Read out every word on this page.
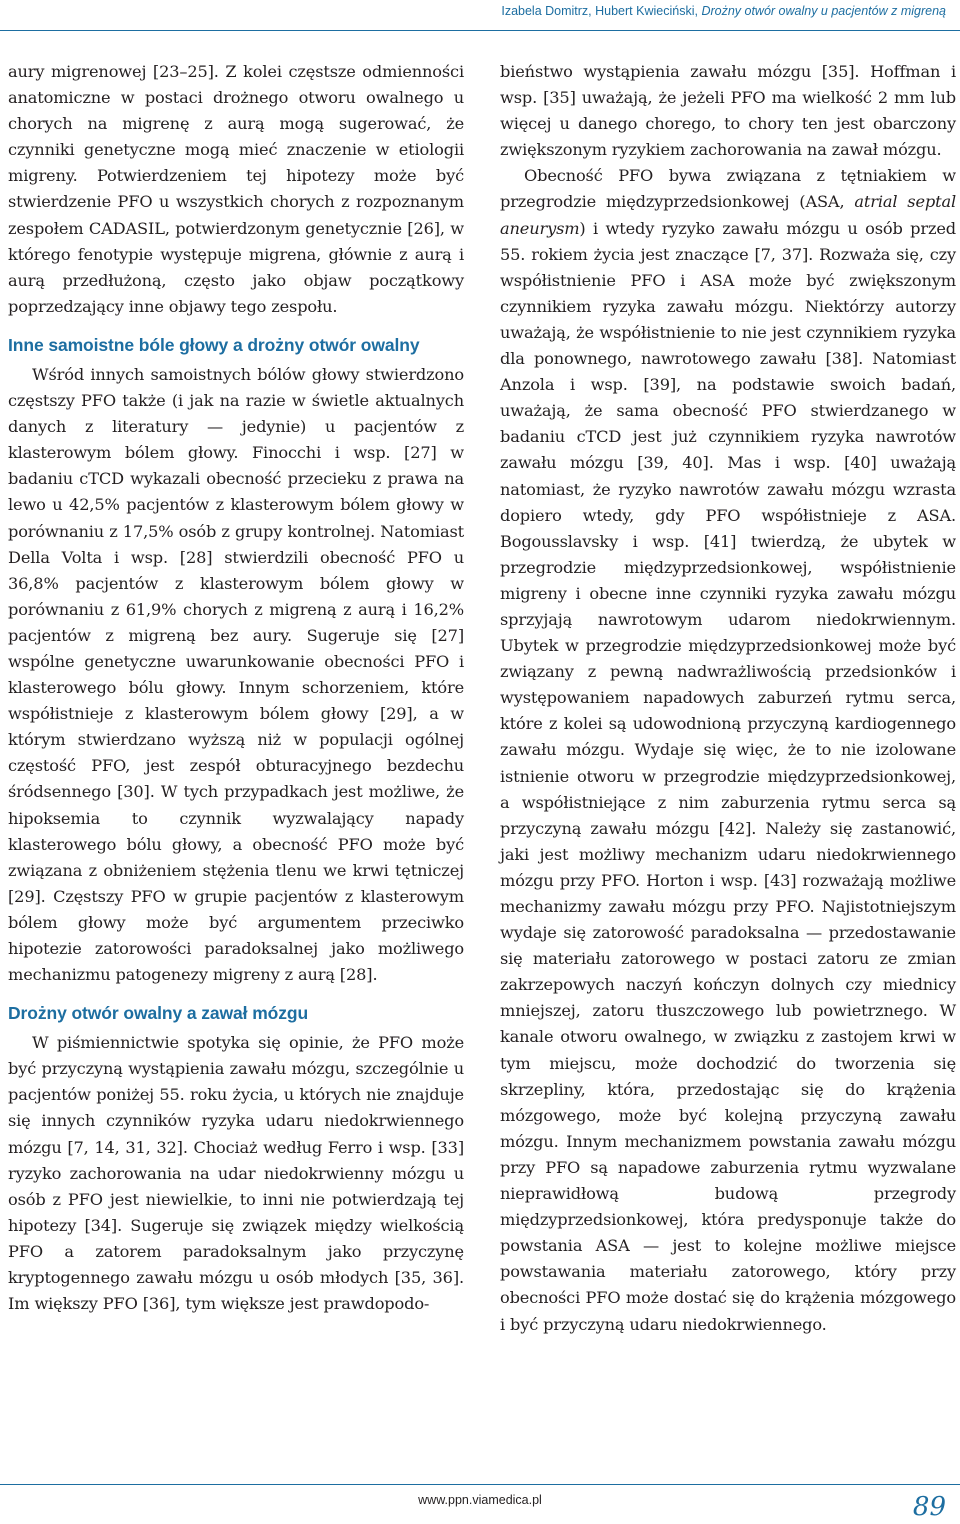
Izabela Domitrz, Hubert Kwieciński, Drożny otwór owalny u pacjentów z migreną

aury migrenowej [23–25]. Z kolei częstsze odmienności anatomiczne w postaci drożnego otworu owalnego u chorych na migrenę z aurą mogą sugerować, że czynniki genetyczne mogą mieć znaczenie w etiologii migreny. Potwierdzeniem tej hipotezy może być stwierdzenie PFO u wszystkich chorych z rozpoznanym zespołem CADASIL, potwierdzonym genetycznie [26], w którego fenotypie występuje migrena, głównie z aurą i aurą przedłużoną, często jako objaw początkowy poprzedzający inne objawy tego zespołu.

Inne samoistne bóle głowy a drożny otwór owalny

Wśród innych samoistnych bólów głowy stwierdzono częstszy PFO także (i jak na razie w świetle aktualnych danych z literatury — jedynie) u pacjentów z klasterowym bólem głowy. Finocchi i wsp. [27] w badaniu cTCD wykazali obecność przecieku z prawa na lewo u 42,5% pacjentów z klasterowym bólem głowy w porównaniu z 17,5% osób z grupy kontrolnej. Natomiast Della Volta i wsp. [28] stwierdzili obecność PFO u 36,8% pacjentów z klasterowym bólem głowy w porównaniu z 61,9% chorych z migreną z aurą i 16,2% pacjentów z migreną bez aury. Sugeruje się [27] wspólne genetyczne uwarunkowanie obecności PFO i klasterowego bólu głowy. Innym schorzeniem, które współistnieje z klasterowym bólem głowy [29], a w którym stwierdzano wyższą niż w populacji ogólnej częstość PFO, jest zespół obturacyjnego bezdechu śródsennego [30]. W tych przypadkach jest możliwe, że hipoksemia to czynnik wyzwalający napady klasterowego bólu głowy, a obecność PFO może być związana z obniżeniem stężenia tlenu we krwi tętniczej [29]. Częstszy PFO w grupie pacjentów z klasterowym bólem głowy może być argumentem przeciwko hipotezie zatorowości paradoksalnej jako możliwego mechanizmu patogenezy migreny z aurą [28].

Drożny otwór owalny a zawał mózgu

W piśmiennictwie spotyka się opinie, że PFO może być przyczyną wystąpienia zawału mózgu, szczególnie u pacjentów poniżej 55. roku życia, u których nie znajduje się innych czynników ryzyka udaru niedokrwiennego mózgu [7, 14, 31, 32]. Chociaż według Ferro i wsp. [33] ryzyko zachorowania na udar niedokrwienny mózgu u osób z PFO jest niewielkie, to inni nie potwierdzają tej hipotezy [34]. Sugeruje się związek między wielkością PFO a zatorem paradoksalnym jako przyczynę kryptogennego zawału mózgu u osób młodych [35, 36]. Im większy PFO [36], tym większe jest prawdopodo-

bieństwo wystąpienia zawału mózgu [35]. Hoffman i wsp. [35] uważają, że jeżeli PFO ma wielkość 2 mm lub więcej u danego chorego, to chory ten jest obarczony zwiększonym ryzykiem zachorowania na zawał mózgu.

Obecność PFO bywa związana z tętniakiem w przegrodzie międzyprzedsionkowej (ASA, atrial septal aneurysm) i wtedy ryzyko zawału mózgu u osób przed 55. rokiem życia jest znaczące [7, 37]. Rozważa się, czy współistnienie PFO i ASA może być zwiększonym czynnikiem ryzyka zawału mózgu. Niektórzy autorzy uważają, że współistnienie to nie jest czynnikiem ryzyka dla ponownego, nawrotowego zawału [38]. Natomiast Anzola i wsp. [39], na podstawie swoich badań, uważają, że sama obecność PFO stwierdzanego w badaniu cTCD jest już czynnikiem ryzyka nawrotów zawału mózgu [39, 40]. Mas i wsp. [40] uważają natomiast, że ryzyko nawrotów zawału mózgu wzrasta dopiero wtedy, gdy PFO współistnieje z ASA. Bogousslavsky i wsp. [41] twierdzą, że ubytek w przegrodzie międzyprzedsionkowej, współistnienie migreny i obecne inne czynniki ryzyka zawału mózgu sprzyjają nawrotowym udarom niedokrwiennym. Ubytek w przegrodzie międzyprzedsionkowej może być związany z pewną nadwrażliwością przedsionków i występowaniem napadowych zaburzeń rytmu serca, które z kolei są udowodnioną przyczyną kardiogennego zawału mózgu. Wydaje się więc, że to nie izolowane istnienie otworu w przegrodzie międzyprzedsionkowej, a współistniejące z nim zaburzenia rytmu serca są przyczyną zawału mózgu [42]. Należy się zastanowić, jaki jest możliwy mechanizm udaru niedokrwiennego mózgu przy PFO. Horton i wsp. [43] rozważają możliwe mechanizmy zawału mózgu przy PFO. Najistotniejszym wydaje się zatorowość paradoksalna — przedostawanie się materiału zatorowego w postaci zatoru ze zmian zakrzepowych naczyń kończyn dolnych czy miednicy mniejszej, zatoru tłuszczowego lub powietrznego. W kanale otworu owalnego, w związku z zastojem krwi w tym miejscu, może dochodzić do tworzenia się skrzepliny, która, przedostając się do krążenia mózgowego, może być kolejną przyczyną zawału mózgu. Innym mechanizmem powstania zawału mózgu przy PFO są napadowe zaburzenia rytmu wyzwalane nieprawidłową budową przegrody międzyprzedsionkowej, która predysponuje także do powstania ASA — jest to kolejne możliwe miejsce powstawania materiału zatorowego, który przy obecności PFO może dostać się do krążenia mózgowego i być przyczyną udaru niedokrwiennego.

www.ppn.viamedica.pl	89
